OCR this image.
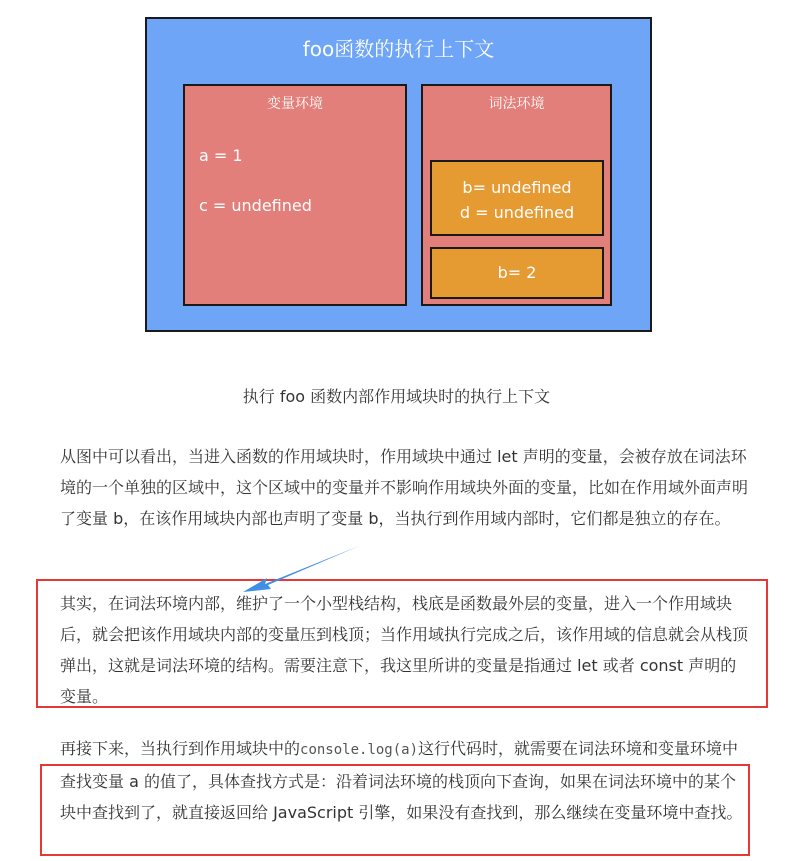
foo函数的执行上下文
变量环境
a = 1
c = undefined
词法环境
b= undefined
d = undefined
b= 2
执行 foo 函数内部作用域块时的执行上下文

从图中可以看出，当进入函数的作用域块时，作用域块中通过 let 声明的变量，会被存放在词法环境的一个单独的区域中，这个区域中的变量并不影响作用域块外面的变量，比如在作用域外面声明了变量 b，在该作用域块内部也声明了变量 b，当执行到作用域内部时，它们都是独立的存在。

其实，在词法环境内部，维护了一个小型栈结构，栈底是函数最外层的变量，进入一个作用域块后，就会把该作用域块内部的变量压到栈顶；当作用域执行完成之后，该作用域的信息就会从栈顶弹出，这就是词法环境的结构。需要注意下，我这里所讲的变量是指通过 let 或者 const 声明的变量。

再接下来，当执行到作用域块中的console.log(a)这行代码时，就需要在词法环境和变量环境中查找变量 a 的值了，具体查找方式是：沿着词法环境的栈顶向下查询，如果在词法环境中的某个块中查找到了，就直接返回给 JavaScript 引擎，如果没有查找到，那么继续在变量环境中查找。
